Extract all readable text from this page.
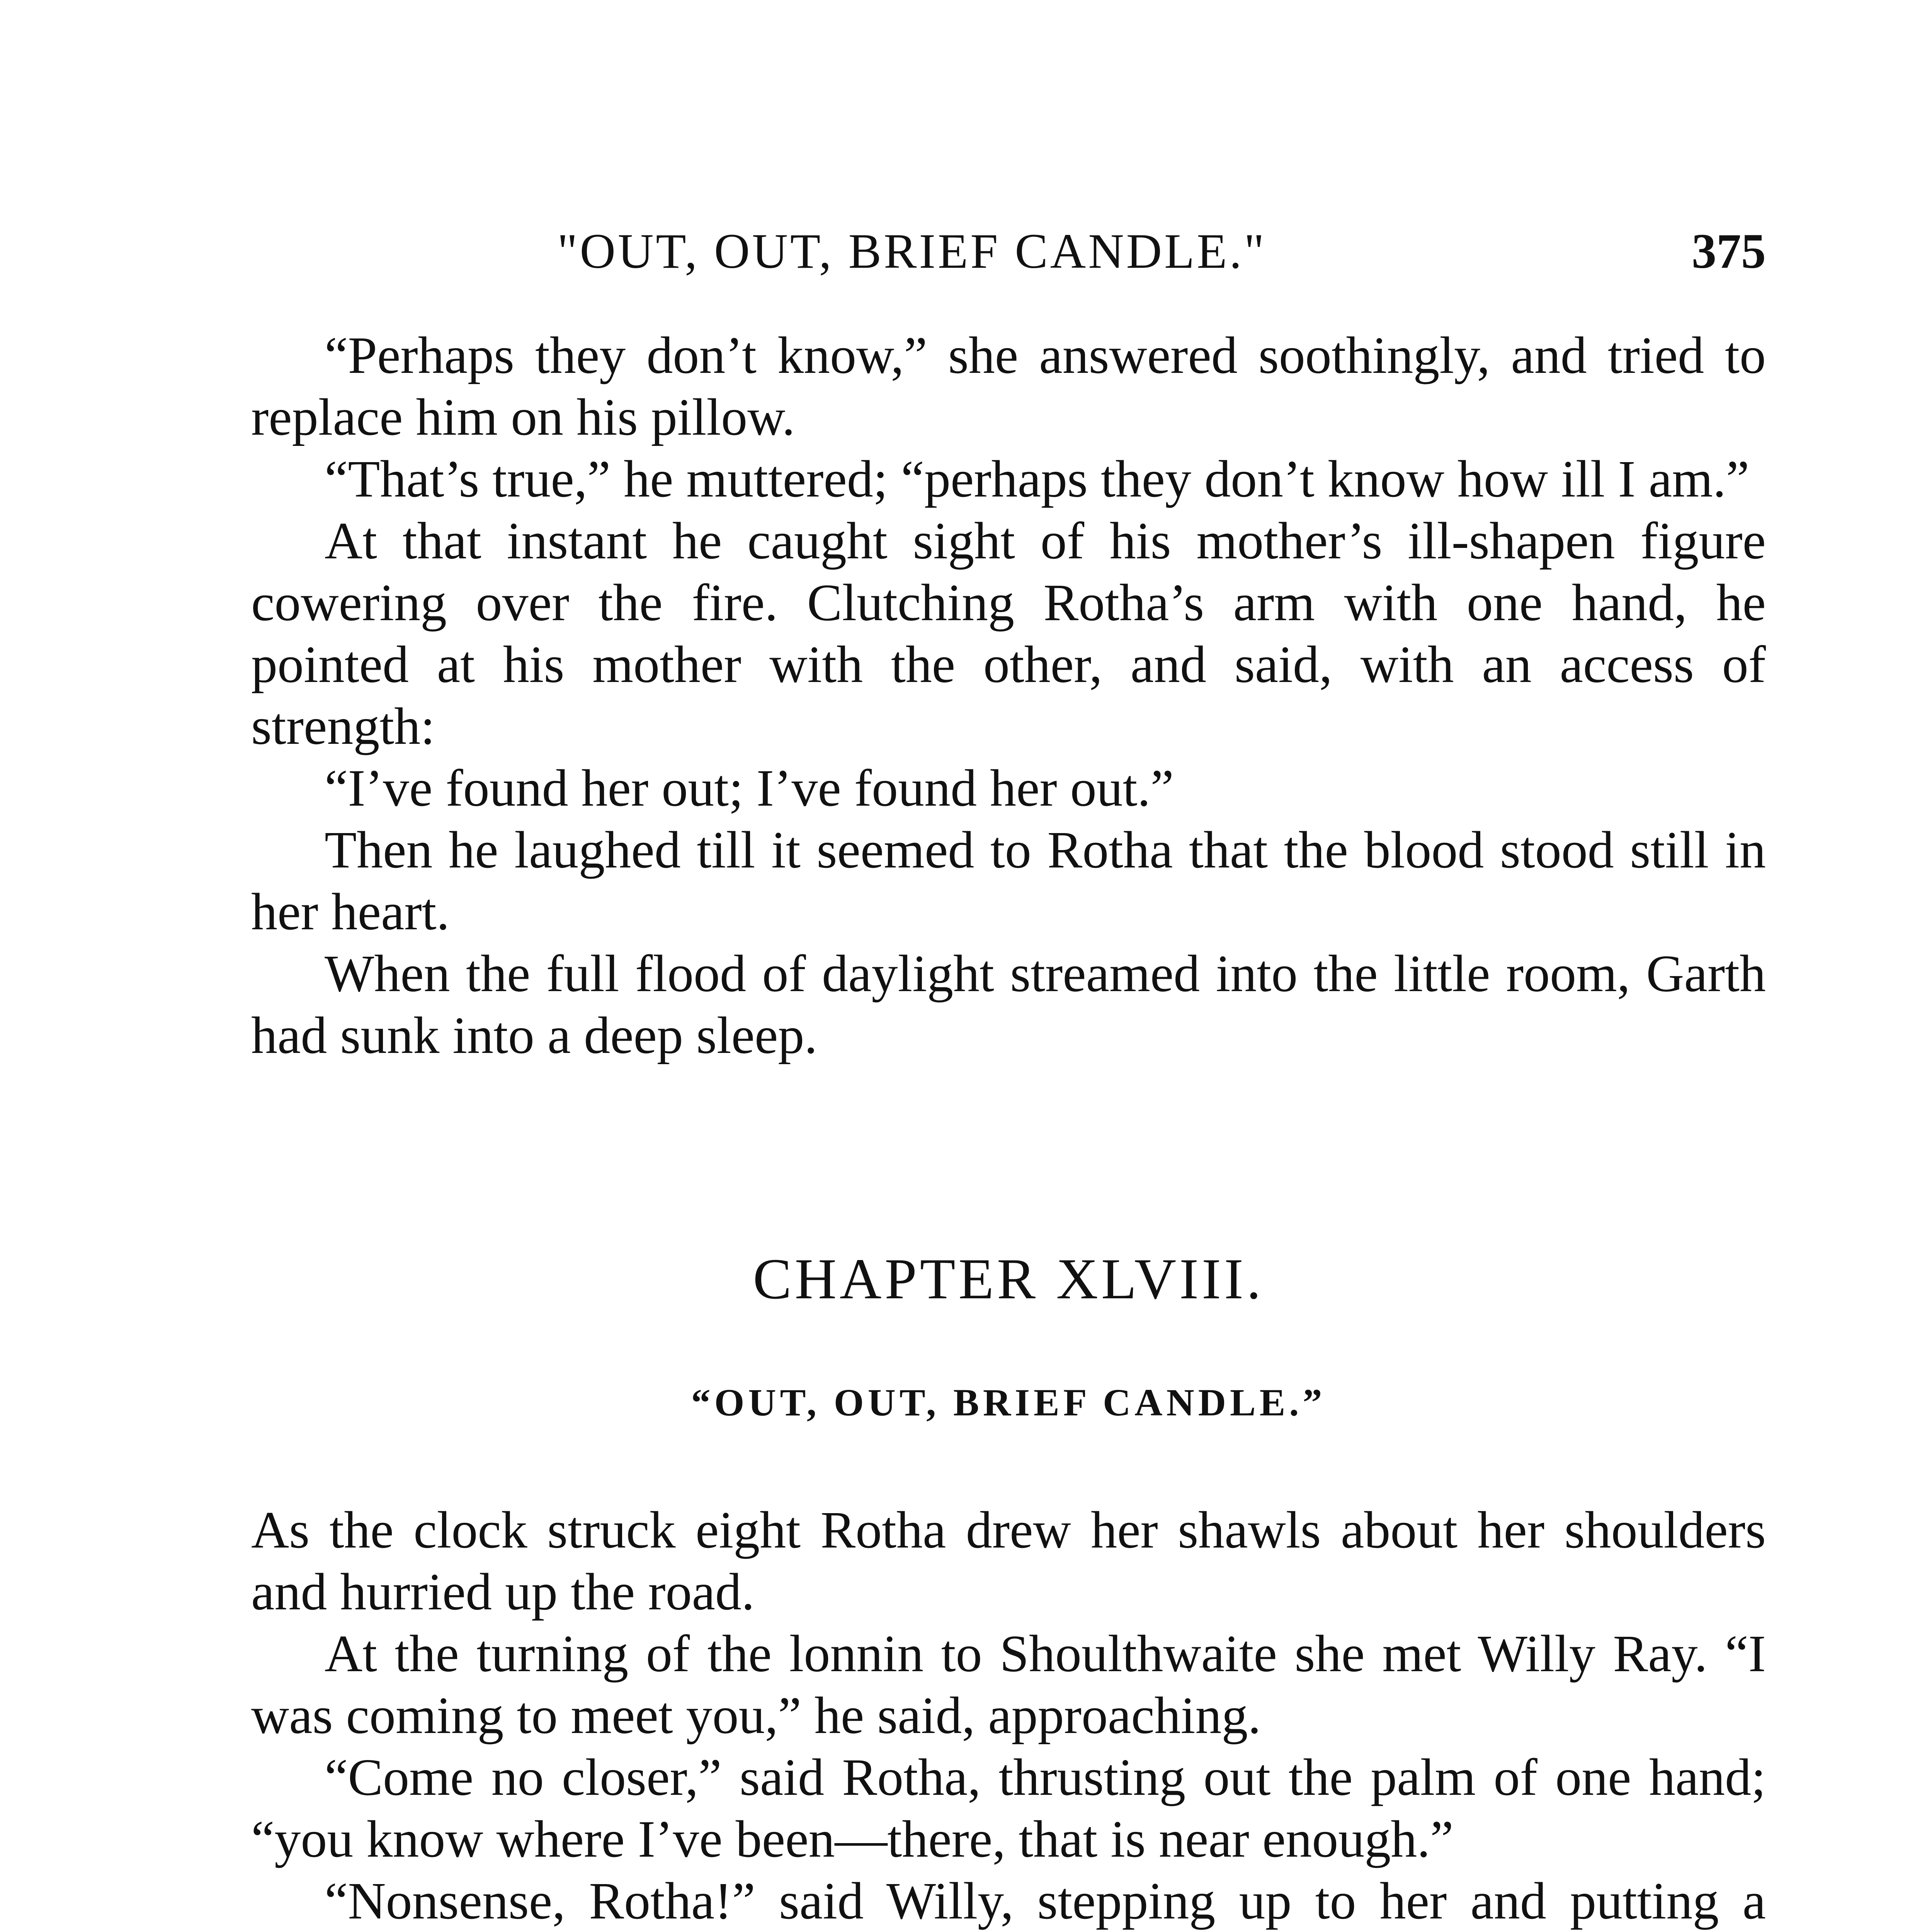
"OUT, OUT, BRIEF CANDLE."	375

“Perhaps they don’t know,” she answered soothingly, and tried to replace him on his pillow.

“That’s true,” he muttered; “perhaps they don’t know how ill I am.”

At that instant he caught sight of his mother’s ill-shapen figure cowering over the fire. Clutching Rotha’s arm with one hand, he pointed at his mother with the other, and said, with an access of strength:

“I’ve found her out; I’ve found her out.”

Then he laughed till it seemed to Rotha that the blood stood still in her heart.

When the full flood of daylight streamed into the little room, Garth had sunk into a deep sleep.

CHAPTER XLVIII.
“OUT, OUT, BRIEF CANDLE.”

As the clock struck eight Rotha drew her shawls about her shoulders and hurried up the road.

At the turning of the lonnin to Shoulthwaite she met Willy Ray. “I was coming to meet you,” he said, approaching.

“Come no closer,” said Rotha, thrusting out the palm of one hand; “you know where I’ve been—there, that is near enough.”

“Nonsense, Rotha!” said Willy, stepping up to her and putting a
